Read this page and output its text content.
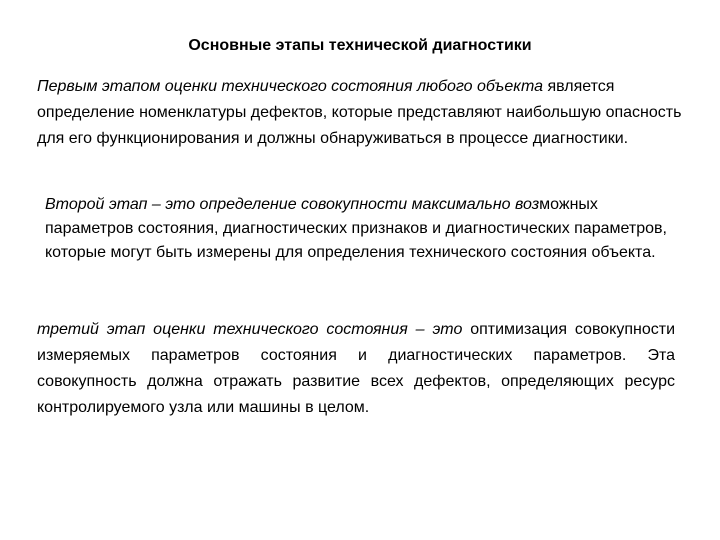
Основные этапы технической диагностики

Первым этапом оценки технического состояния любого объекта является определение номенклатуры дефектов, которые представляют наибольшую опасность для его функционирования и должны обнаруживаться в процессе диагностики.

Второй этап – это определение совокупности максимально возможных параметров состояния, диагностических признаков и диагностических параметров, которые могут быть измерены для определения технического состояния объекта.

третий этап оценки технического состояния – это оптимизация совокупности измеряемых параметров состояния и диагностических параметров. Эта совокупность должна отражать развитие всех дефектов, определяющих ресурс контролируемого узла или машины в целом.
